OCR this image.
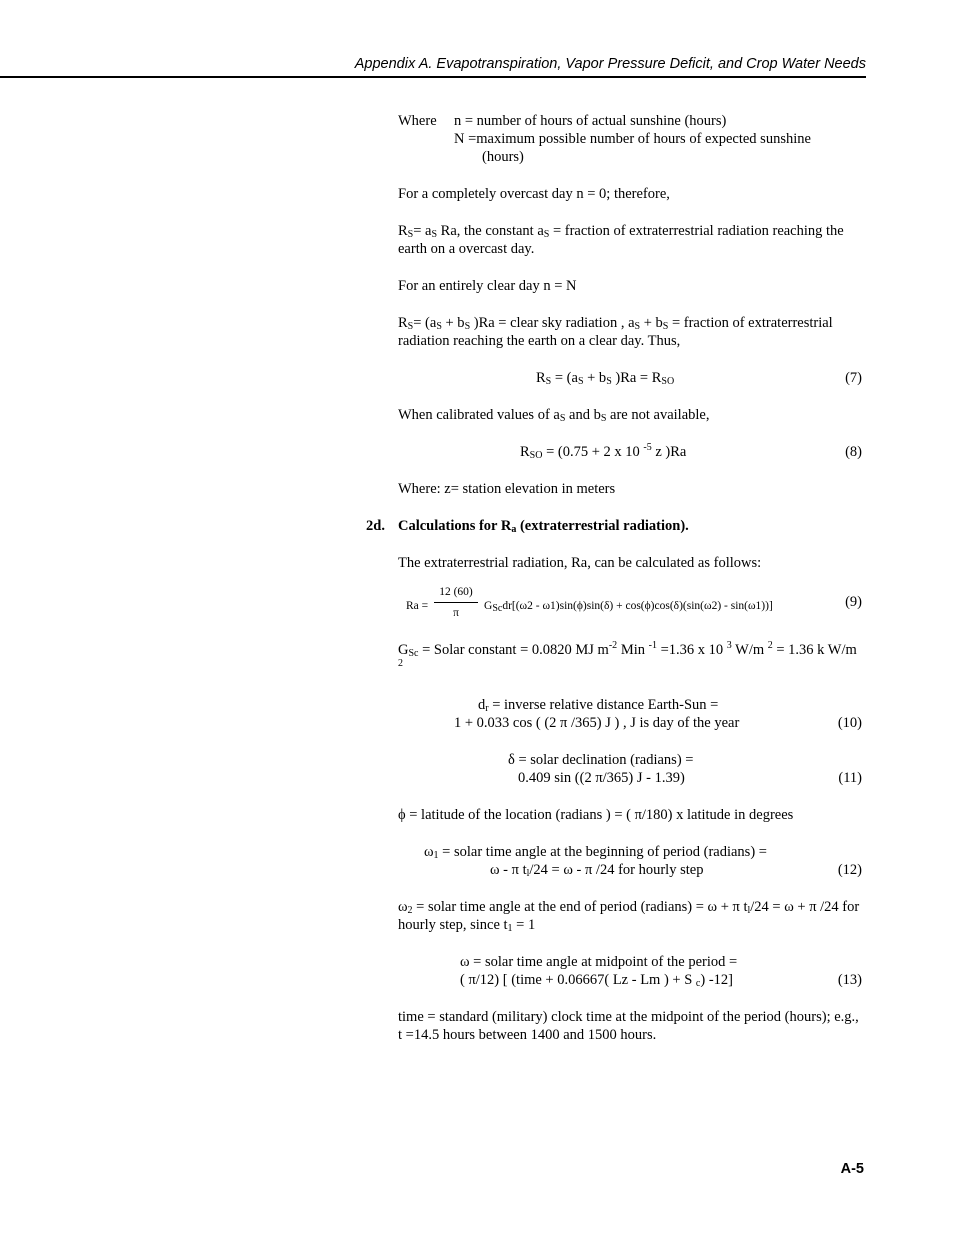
Appendix A. Evapotranspiration, Vapor Pressure Deficit, and Crop Water Needs
Where	n = number of hours of actual sunshine (hours)
N =maximum possible number of hours of expected sunshine
(hours)
For a completely overcast day n = 0; therefore,
$R_S= a_S$ Ra, the constant $a_S$ = fraction of extraterrestrial radiation reaching the earth on a overcast day.
For an entirely clear day n = N
$R_S= (a_S + b_S$ )Ra = clear sky radiation , $a_S + b_S$ = fraction of extraterrestrial radiation reaching the earth on a clear day. Thus,
$R_S = (a_S + b_S$ )$Ra = R_{SO}$	(7)
When calibrated values of $a_S$ and $b_S$ are not available,
$R_{SO} = (0.75 + 2$ x 10 $^{-5}$ z )Ra	(8)
Where: z= station elevation in meters
2d. Calculations for $R_a$ (extraterrestrial radiation).
The extraterrestrial radiation, Ra, can be calculated as follows:
$Ra = \frac{12 (60)}{\pi}$ GScdr[(ω2 - ω1)sin(ϕ)sin(δ) + cos(ϕ)cos(δ)(sin(ω2) - sin(ω1))]	(9)
$G_{Sc}$ = Solar constant = 0.0820 MJ $m^{-2}$ Min $^{-1}$ =1.36 x 10 $^3$ W/m $^2$ = 1.36 k W/m $^2$
$d_r$ = inverse relative distance Earth-Sun =
1 + 0.033 cos ( (2 π /365) J ) , J is day of the year	(10)
δ = solar declination (radians) =
0.409 sin ((2 π/365) J - 1.39)	(11)
ϕ = latitude of the location (radians ) = ( π/180) x latitude in degrees
$\omega_1$ = solar time angle at the beginning of period (radians) =
ω - π $t_l/24 = \omega - \pi$ /24 for hourly step	(12)
$\omega_2$ = solar time angle at the end of period (radians) = ω + π $t_l/24 = \omega + \pi$ /24 for hourly step, since $t_1 = 1$
ω = solar time angle at midpoint of the period =
( π/12) [ (time + 0.06667( Lz - Lm ) + S $_c$) -12]	(13)
time = standard (military) clock time at the midpoint of the period (hours); e.g., t =14.5 hours between 1400 and 1500 hours.
A-5
